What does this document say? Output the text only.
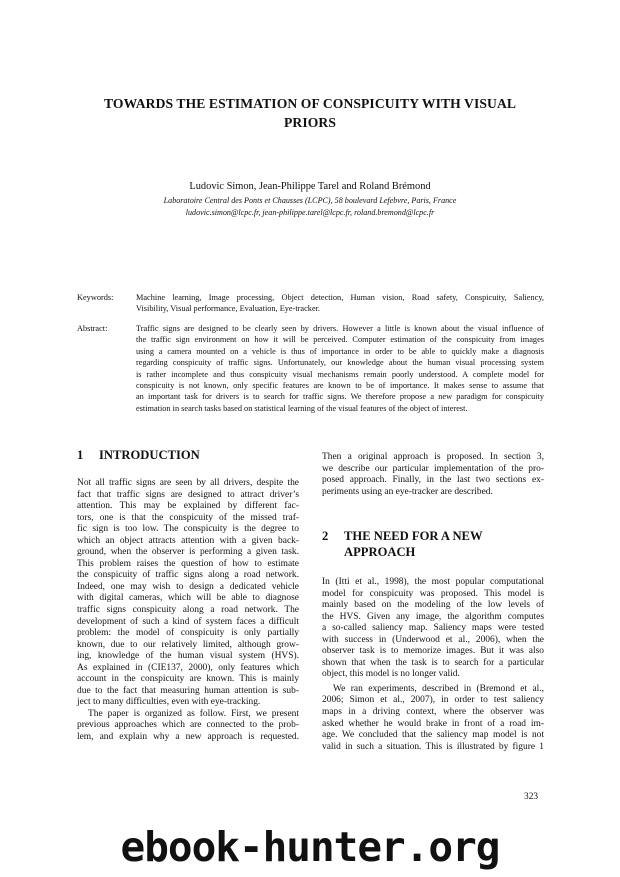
TOWARDS THE ESTIMATION OF CONSPICUITY WITH VISUAL
PRIORS
Ludovic Simon, Jean-Philippe Tarel and Roland Brémond
Laboratoire Central des Ponts et Chausses (LCPC), 58 boulevard Lefebvre, Paris, France
ludovic.simon@lcpc.fr, jean-philippe.tarel@lcpc.fr, roland.bremond@lcpc.fr
Keywords:	Machine learning, Image processing, Object detection, Human vision, Road safety, Conspicuity, Saliency,
Visibility, Visual performance, Evaluation, Eye-tracker.
Abstract:	Traffic signs are designed to be clearly seen by drivers. However a little is known about the visual influence of
the traffic sign environment on how it will be perceived. Computer estimation of the conspicuity from images
using a camera mounted on a vehicle is thus of importance in order to be able to quickly make a diagnosis
regarding conspicuity of traffic signs. Unfortunately, our knowledge about the human visual processing system
is rather incomplete and thus conspicuity visual mechanisms remain poorly understood. A complete model for
conspicuity is not known, only specific features are known to be of importance. It makes sense to assume that
an important task for drivers is to search for traffic signs. We therefore propose a new paradigm for conspicuity
estimation in search tasks based on statistical learning of the visual features of the object of interest.
1 INTRODUCTION
Not all traffic signs are seen by all drivers, despite the
fact that traffic signs are designed to attract driver’s
attention. This may be explained by different fac-
tors, one is that the conspicuity of the missed traf-
fic sign is too low. The conspicuity is the degree to
which an object attracts attention with a given back-
ground, when the observer is performing a given task.
This problem raises the question of how to estimate
the conspicuity of traffic signs along a road network.
Indeed, one may wish to design a dedicated vehicle
with digital cameras, which will be able to diagnose
traffic signs conspicuity along a road network. The
development of such a kind of system faces a difficult
problem: the model of conspicuity is only partially
known, due to our relatively limited, although grow-
ing, knowledge of the human visual system (HVS).
As explained in (CIE137, 2000), only features which
account in the conspicuity are known. This is mainly
due to the fact that measuring human attention is sub-
ject to many difficulties, even with eye-tracking.
The paper is organized as follow. First, we present
previous approaches which are connected to the prob-
lem, and explain why a new approach is requested.
Then a original approach is proposed. In section 3,
we describe our particular implementation of the pro-
posed approach. Finally, in the last two sections ex-
periments using an eye-tracker are described.
2 THE NEED FOR A NEW
APPROACH
In (Itti et al., 1998), the most popular computational
model for conspicuity was proposed. This model is
mainly based on the modeling of the low levels of
the HVS. Given any image, the algorithm computes
a so-called saliency map. Saliency maps were tested
with success in (Underwood et al., 2006), when the
observer task is to memorize images. But it was also
shown that when the task is to search for a particular
object, this model is no longer valid.
We ran experiments, described in (Bremond et al.,
2006; Simon et al., 2007), in order to test saliency
maps in a driving context, where the observer was
asked whether he would brake in front of a road im-
age. We concluded that the saliency map model is not
valid in such a situation. This is illustrated by figure 1
323
ebook-hunter.org
